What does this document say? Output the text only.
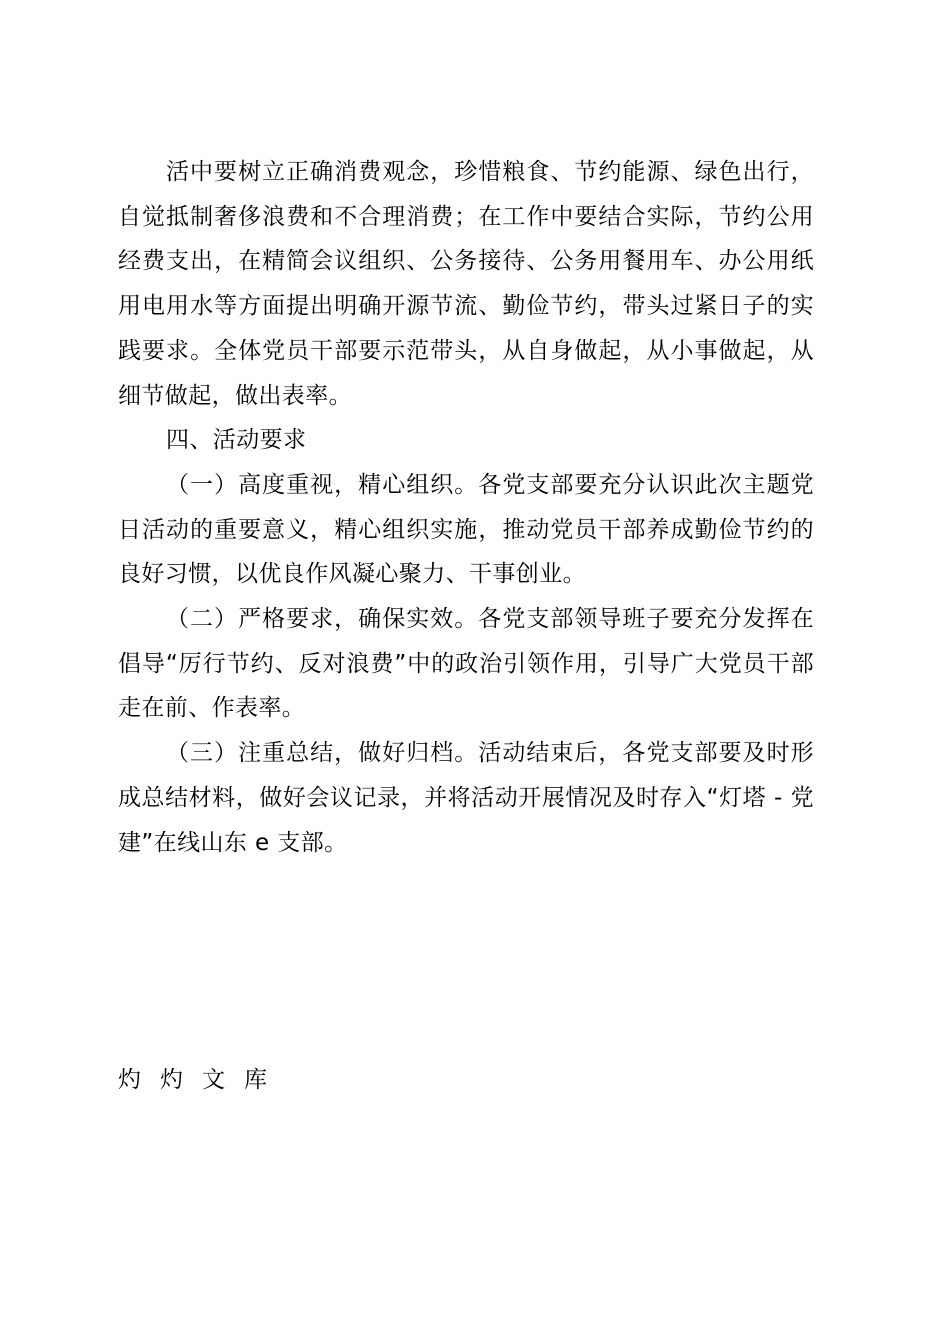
活中要树立正确消费观念，珍惜粮食、节约能源、绿色出行，自觉抵制奢侈浪费和不合理消费；在工作中要结合实际，节约公用经费支出，在精简会议组织、公务接待、公务用餐用车、办公用纸用电用水等方面提出明确开源节流、勤俭节约，带头过紧日子的实践要求。全体党员干部要示范带头，从自身做起，从小事做起，从细节做起，做出表率。

四、活动要求

（一）高度重视，精心组织。各党支部要充分认识此次主题党日活动的重要意义，精心组织实施，推动党员干部养成勤俭节约的良好习惯，以优良作风凝心聚力、干事创业。

（二）严格要求，确保实效。各党支部领导班子要充分发挥在倡导“厉行节约、反对浪费”中的政治引领作用，引导广大党员干部走在前、作表率。

（三）注重总结，做好归档。活动结束后，各党支部要及时形成总结材料，做好会议记录，并将活动开展情况及时存入“灯塔 - 党建”在线山东 e 支部。

灼灼文库
